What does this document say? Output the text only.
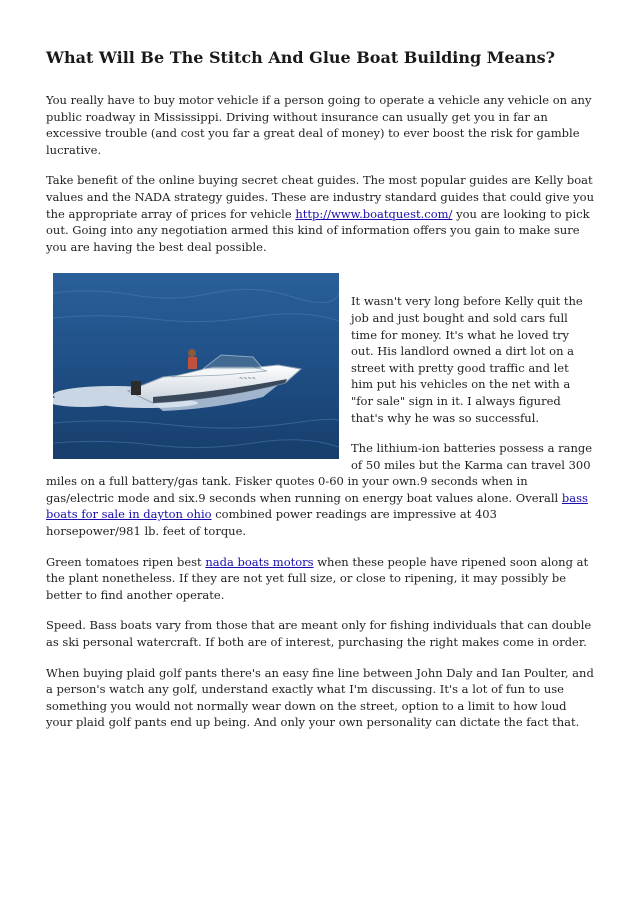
What Will Be The Stitch And Glue Boat Building Means?

You really have to buy motor vehicle if a person going to operate a vehicle any vehicle on any public roadway in Mississippi. Driving without insurance can usually get you in far an excessive trouble (and cost you far a great deal of money) to ever boost the risk for gamble lucrative.

Take benefit of the online buying secret cheat guides. The most popular guides are Kelly boat values and the NADA strategy guides. These are industry standard guides that could give you the appropriate array of prices for vehicle http://www.boatquest.com/ you are looking to pick out. Going into any negotiation armed this kind of information offers you gain to make sure you are having the best deal possible.

~~~~

It wasn't very long before Kelly quit the job and just bought and sold cars full time for money. It's what he loved try out. His landlord owned a dirt lot on a street with pretty good traffic and let him put his vehicles on the net with a "for sale" sign in it. I always figured that's why he was so successful.

The lithium-ion batteries possess a range of 50 miles but the Karma can travel 300 miles on a full battery/gas tank. Fisker quotes 0-60 in your own.9 seconds when in gas/electric mode and six.9 seconds when running on energy boat values alone. Overall bass boats for sale in dayton ohio combined power readings are impressive at 403 horsepower/981 lb. feet of torque.

Green tomatoes ripen best nada boats motors when these people have ripened soon along at the plant nonetheless. If they are not yet full size, or close to ripening, it may possibly be better to find another operate.

Speed. Bass boats vary from those that are meant only for fishing individuals that can double as ski personal watercraft. If both are of interest, purchasing the right makes come in order.

When buying plaid golf pants there's an easy fine line between John Daly and Ian Poulter, and a person's watch any golf, understand exactly what I'm discussing. It's a lot of fun to use something you would not normally wear down on the street, option to a limit to how loud your plaid golf pants end up being. And only your own personality can dictate the fact that.
